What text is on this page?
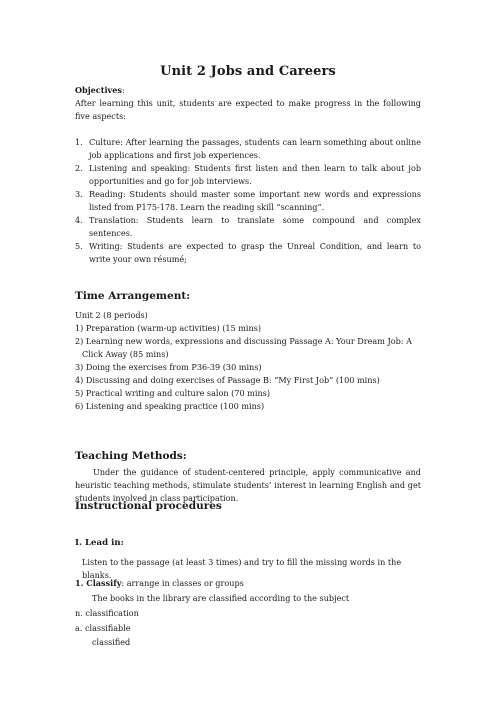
Unit 2 Jobs and Careers
Objectives:
After learning this unit, students are expected to make progress in the following five aspects:
1. Culture: After learning the passages, students can learn something about online job applications and first job experiences.
2. Listening and speaking: Students first listen and then learn to talk about job opportunities and go for job interviews.
3. Reading: Students should master some important new words and expressions listed from P175-178. Learn the reading skill “scanning”.
4. Translation: Students learn to translate some compound and complex sentences.
5. Writing: Students are expected to grasp the Unreal Condition, and learn to write your own résumé;
Time Arrangement:
Unit 2 (8 periods)
1) Preparation (warm-up activities) (15 mins)
2) Learning new words, expressions and discussing Passage A: Your Dream Job: A Click Away (85 mins)
3) Doing the exercises from P36-39 (30 mins)
4) Discussing and doing exercises of Passage B: “My First Job” (100 mins)
5) Practical writing and culture salon (70 mins)
6) Listening and speaking practice (100 mins)
Teaching Methods:
Under the guidance of student-centered principle, apply communicative and heuristic teaching methods, stimulate students’ interest in learning English and get students involved in class participation.
Instructional procedures
I. Lead in:
Listen to the passage (at least 3 times) and try to fill the missing words in the blanks.
1. Classify: arrange in classes or groups
The books in the library are classified according to the subject
n. classification
a. classifiable
classified
